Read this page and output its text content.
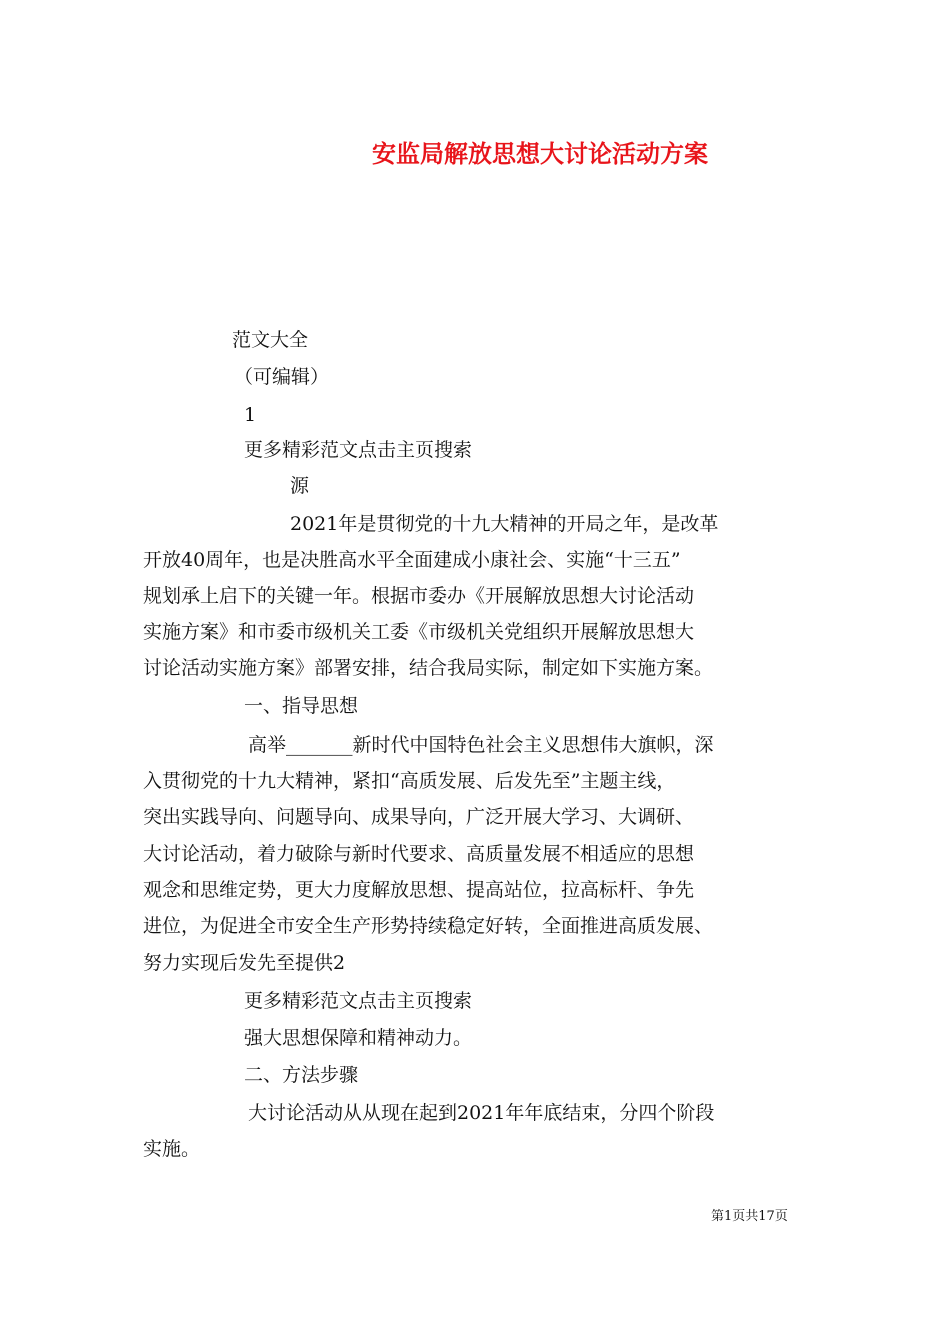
安监局解放思想大讨论活动方案
范文大全
（可编辑）
1
更多精彩范文点击主页搜索
源
2021年是贯彻党的十九大精神的开局之年，是改革
开放40周年，也是决胜高水平全面建成小康社会、实施“十三五”
规划承上启下的关键一年。根据市委办《开展解放思想大讨论活动
实施方案》和市委市级机关工委《市级机关党组织开展解放思想大
讨论活动实施方案》部署安排，结合我局实际，制定如下实施方案。
一、指导思想
高举_______新时代中国特色社会主义思想伟大旗帜，深
入贯彻党的十九大精神，紧扣“高质发展、后发先至”主题主线，
突出实践导向、问题导向、成果导向，广泛开展大学习、大调研、
大讨论活动，着力破除与新时代要求、高质量发展不相适应的思想
观念和思维定势，更大力度解放思想、提高站位，拉高标杆、争先
进位，为促进全市安全生产形势持续稳定好转，全面推进高质发展、
努力实现后发先至提供2
更多精彩范文点击主页搜索
强大思想保障和精神动力。
二、方法步骤
大讨论活动从从现在起到2021年年底结束，分四个阶段
实施。
第1页共17页
